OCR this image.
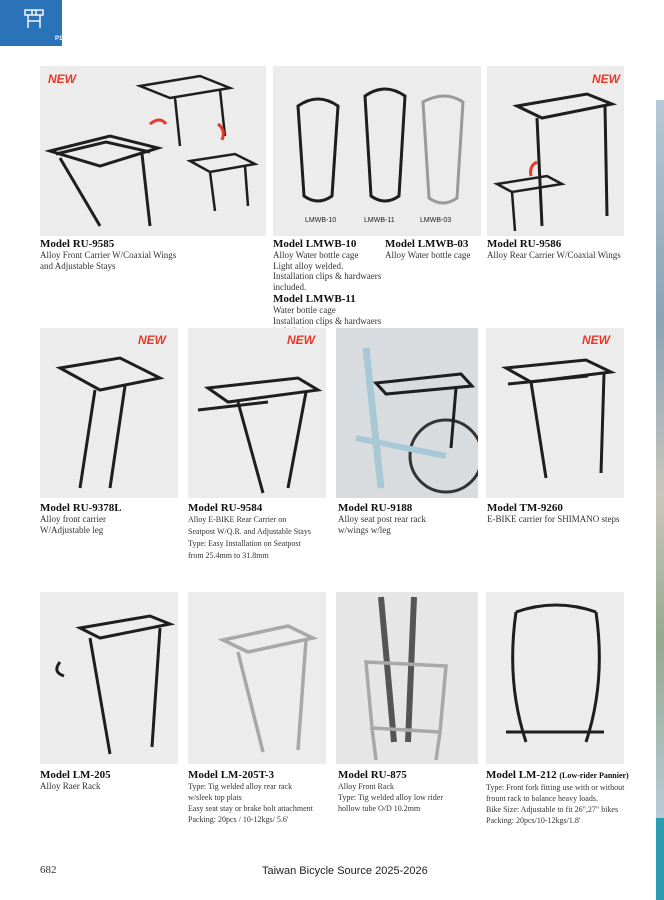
P13
NEW
LMWB-10	LMWB-11	LMWB-03
NEW
Model RU-9585
Alloy Front Carrier W/Coaxial Wings
and Adjustable Stays
Model LMWB-10
Alloy Water bottle cage
Light alloy welded.
Installation clips & hardwaers
included.
Model LMWB-11
Water bottle cage
Installation clips & hardwaers
Model LMWB-03
Alloy Water bottle cage
Model RU-9586
Alloy Rear Carrier W/Coaxial Wings
NEW	NEW	NEW
Model RU-9378L
Alloy front carrier
W/Adjustable leg
Model RU-9584
Alloy E-BIKE Rear Carrier on
Seatpost W/Q.R. and Adjustable Stays
Type: Easy Installation on Seatpost
from 25.4mm to 31.8mm
Model RU-9188
Alloy seat post rear rack
w/wings w/leg
Model TM-9260
E-BIKE carrier for SHIMANO steps
Model LM-205
Alloy Raer Rack
Model LM-205T-3
Type: Tig welded alloy rear rack
w/sleek top plats
Easy seat stay or brake bolt attachment
Packing: 20pcs / 10-12kgs/ 5.6'
Model RU-875
Alloy Front Rack
Type: Tig welded alloy low rider
hollow tube O/D 10.2mm
Model LM-212 (Low-rider Pannier)
Type: Front fork fitting use with or without
frount rack to balance heavy loads.
Bike Size: Adjustable to fit 26",27" bikes
Packing: 20pcs/10-12kgs/1.8'
682	Taiwan Bicycle Source 2025-2026
